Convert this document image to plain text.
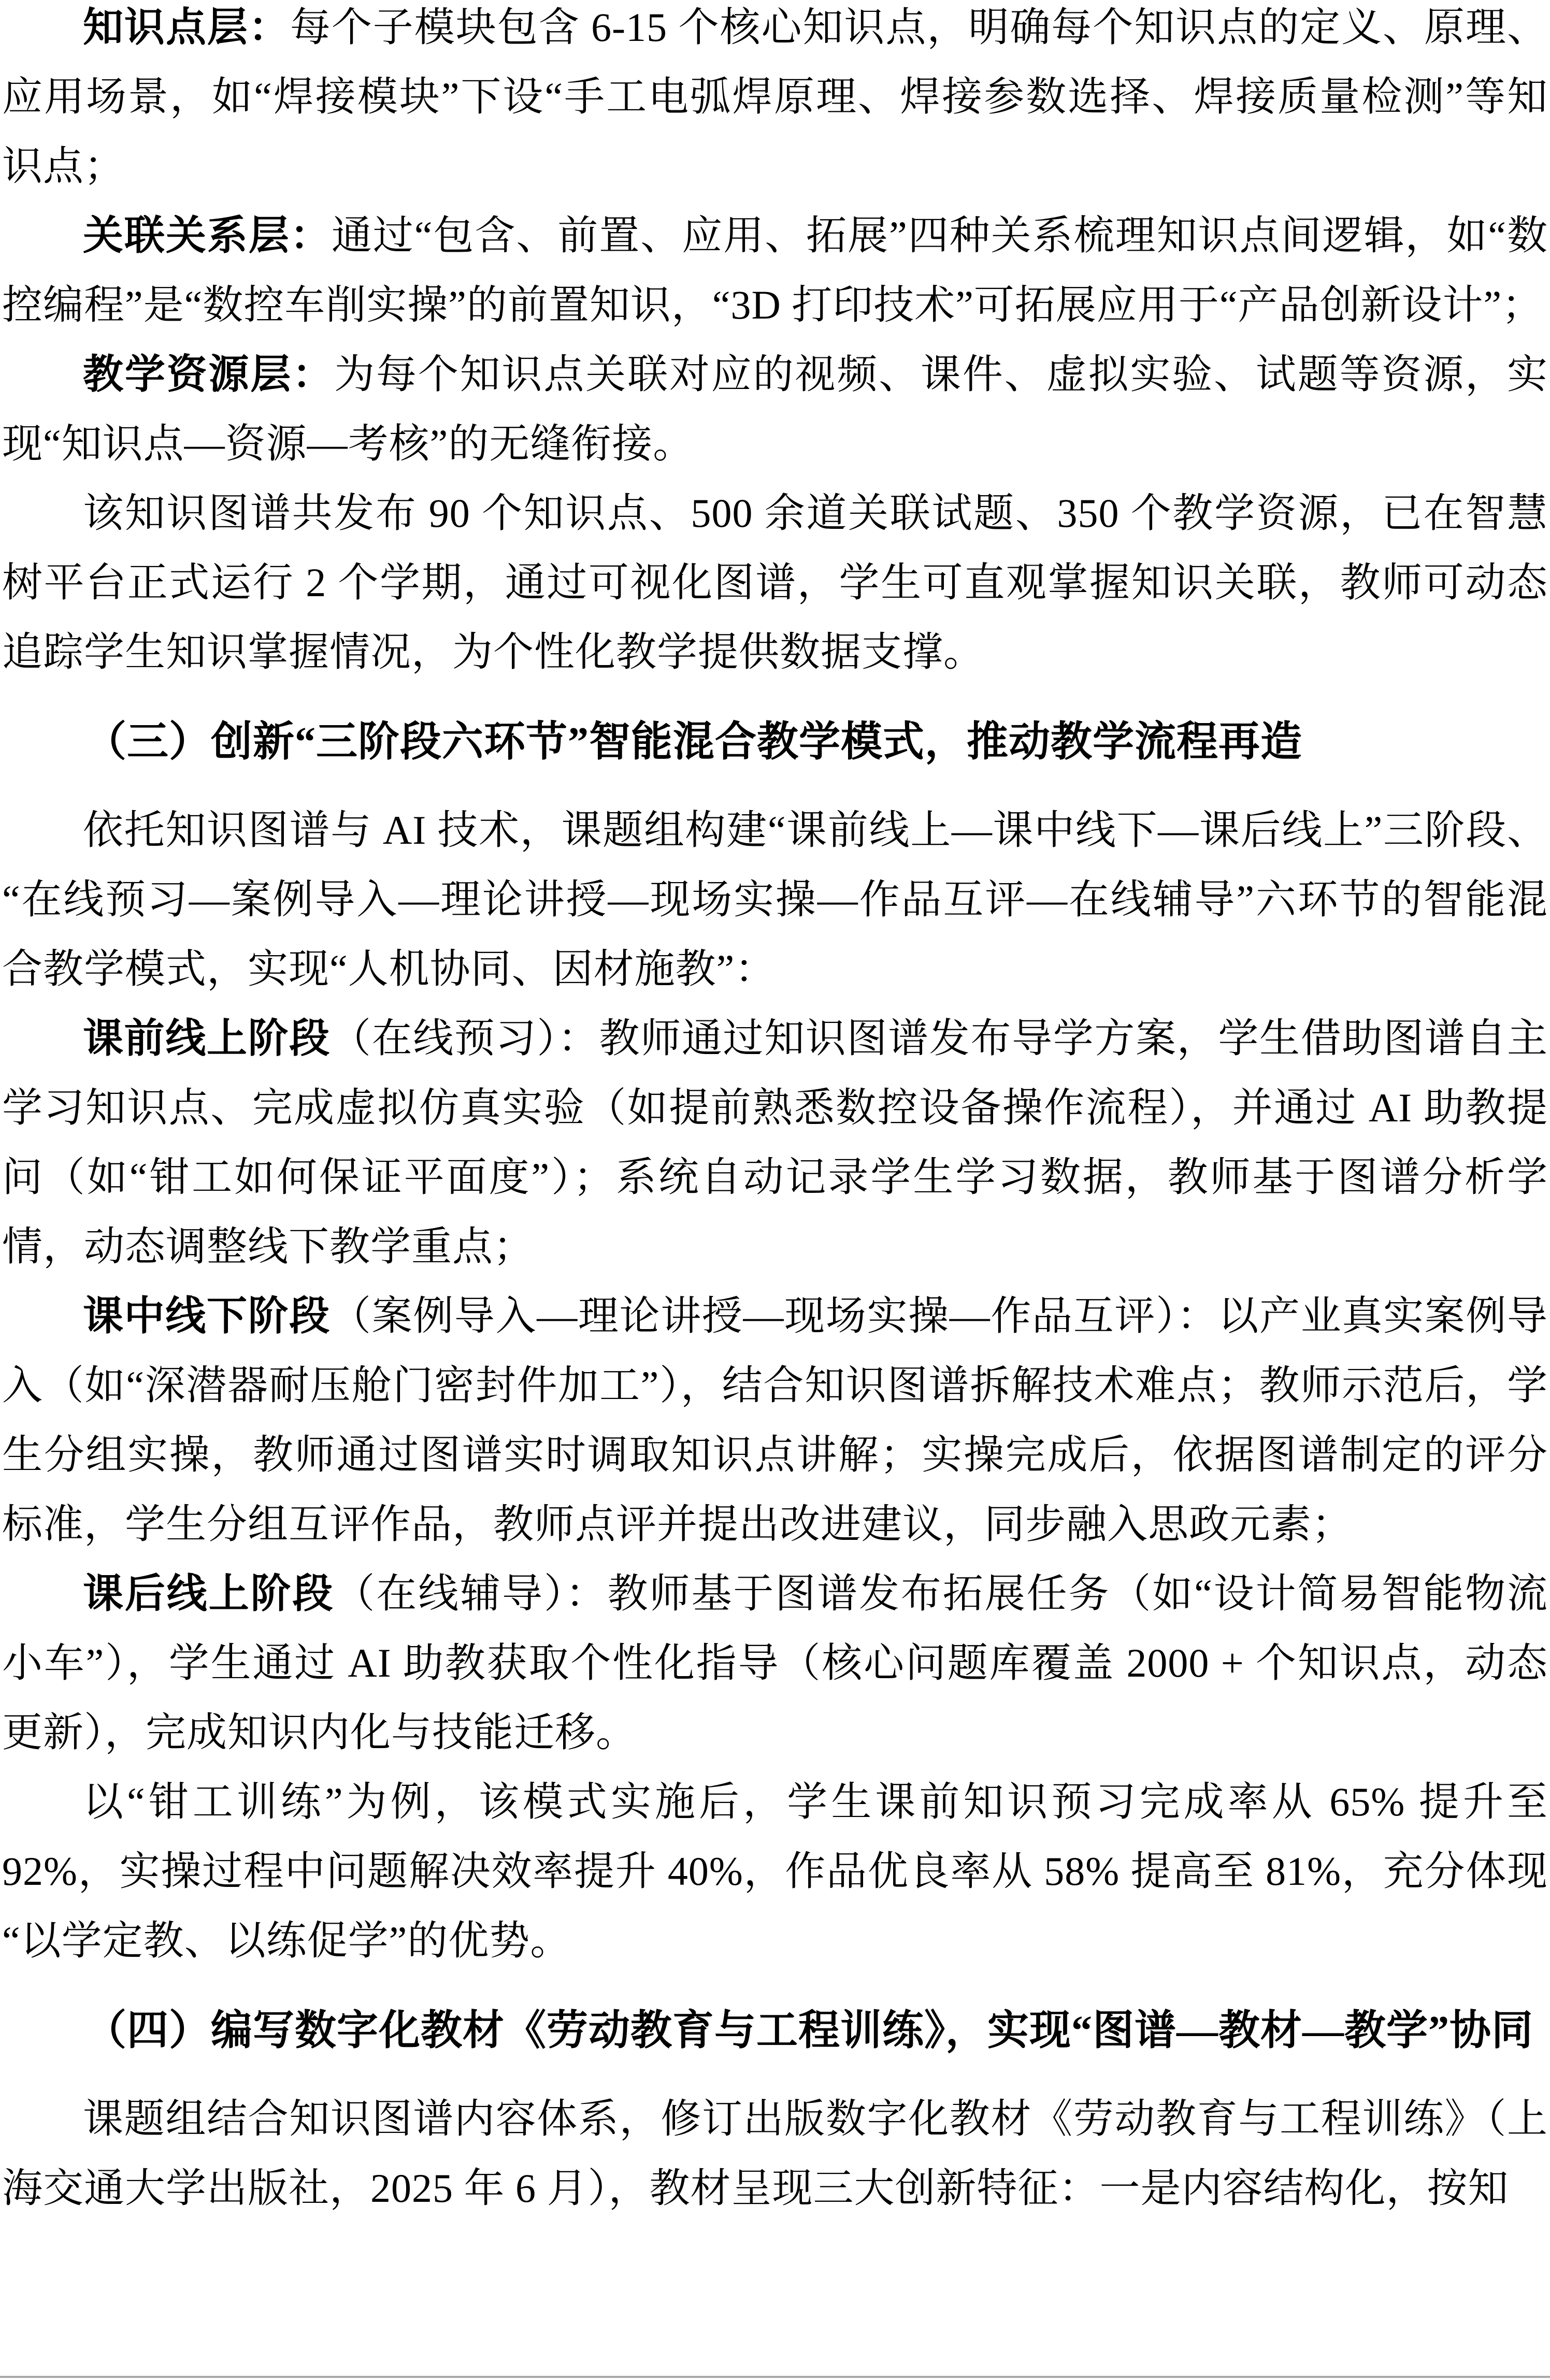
知识点层：每个子模块包含 6-15 个核心知识点，明确每个知识点的定义、原理、应用场景，如“焊接模块”下设“手工电弧焊原理、焊接参数选择、焊接质量检测”等知识点；

关联关系层：通过“包含、前置、应用、拓展”四种关系梳理知识点间逻辑，如“数控编程”是“数控车削实操”的前置知识，“3D 打印技术”可拓展应用于“产品创新设计”；

教学资源层：为每个知识点关联对应的视频、课件、虚拟实验、试题等资源，实现“知识点—资源—考核”的无缝衔接。

该知识图谱共发布 90 个知识点、500 余道关联试题、350 个教学资源，已在智慧树平台正式运行 2 个学期，通过可视化图谱，学生可直观掌握知识关联，教师可动态追踪学生知识掌握情况，为个性化教学提供数据支撑。

（三）创新“三阶段六环节”智能混合教学模式，推动教学流程再造

依托知识图谱与 AI 技术，课题组构建“课前线上—课中线下—课后线上”三阶段、“在线预习—案例导入—理论讲授—现场实操—作品互评—在线辅导”六环节的智能混合教学模式，实现“人机协同、因材施教”：

课前线上阶段（在线预习）：教师通过知识图谱发布导学方案，学生借助图谱自主学习知识点、完成虚拟仿真实验（如提前熟悉数控设备操作流程），并通过 AI 助教提问（如“钳工如何保证平面度”）；系统自动记录学生学习数据，教师基于图谱分析学情，动态调整线下教学重点；

课中线下阶段（案例导入—理论讲授—现场实操—作品互评）：以产业真实案例导入（如“深潜器耐压舱门密封件加工”），结合知识图谱拆解技术难点；教师示范后，学生分组实操，教师通过图谱实时调取知识点讲解；实操完成后，依据图谱制定的评分标准，学生分组互评作品，教师点评并提出改进建议，同步融入思政元素；

课后线上阶段（在线辅导）：教师基于图谱发布拓展任务（如“设计简易智能物流小车”），学生通过 AI 助教获取个性化指导（核心问题库覆盖 2000 + 个知识点，动态更新），完成知识内化与技能迁移。

以“钳工训练”为例，该模式实施后，学生课前知识预习完成率从 65% 提升至 92%，实操过程中问题解决效率提升 40%，作品优良率从 58% 提高至 81%，充分体现“以学定教、以练促学”的优势。

（四）编写数字化教材《劳动教育与工程训练》，实现“图谱—教材—教学”协同

课题组结合知识图谱内容体系，修订出版数字化教材《劳动教育与工程训练》（上海交通大学出版社，2025 年 6 月），教材呈现三大创新特征：一是内容结构化，按知
